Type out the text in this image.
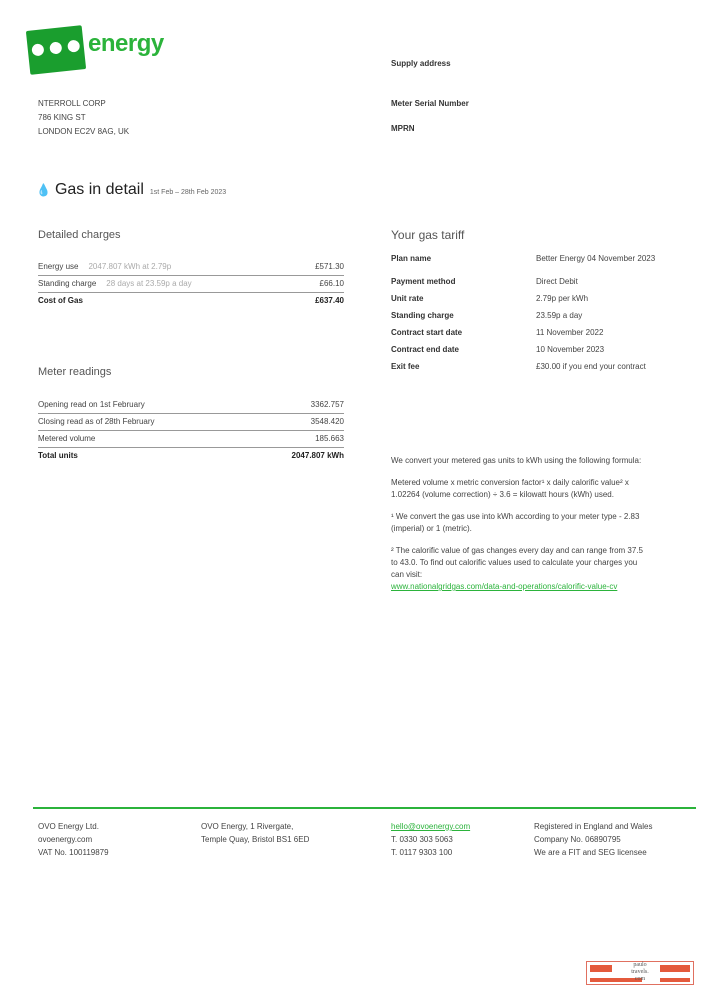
energy
Supply address
Meter Serial Number
MPRN
NTERROLL CORP
786 KING ST
LONDON EC2V 8AG, UK
💧 Gas in detail 1st Feb – 28th Feb 2023
Detailed charges
Energy use 2047.807 kWh at 2.79p	£571.30
Standing charge 28 days at 23.59p a day	£66.10
Cost of Gas	£637.40
Meter readings
Opening read on 1st February	3362.757
Closing read as of 28th February	3548.420
Metered volume	185.663
Total units	2047.807 kWh
Your gas tariff
Plan name	Better Energy 04 November 2023
Payment method	Direct Debit
Unit rate	2.79p per kWh
Standing charge	23.59p a day
Contract start date	11 November 2022
Contract end date	10 November 2023
Exit fee	£30.00 if you end your contract

We convert your metered gas units to kWh using the following formula:

Metered volume x metric conversion factor¹ x daily calorific value² x 1.02264 (volume correction) ÷ 3.6 = kilowatt hours (kWh) used.

¹ We convert the gas use into kWh according to your meter type - 2.83 (imperial) or 1 (metric).

² The calorific value of gas changes every day and can range from 37.5 to 43.0. To find out calorific values used to calculate your charges you can visit:

www.nationalgridgas.com/data-and-operations/calorific-value-cv
OVO Energy Ltd.
ovoenergy.com
VAT No. 100119879
OVO Energy, 1 Rivergate,
Temple Quay, Bristol BS1 6ED
hello@ovoenergy.com
T. 0330 303 5063
T. 0117 9303 100
Registered in England and Wales
Company No. 06890795
We are a FIT and SEG licensee
paulo
travels.
com
